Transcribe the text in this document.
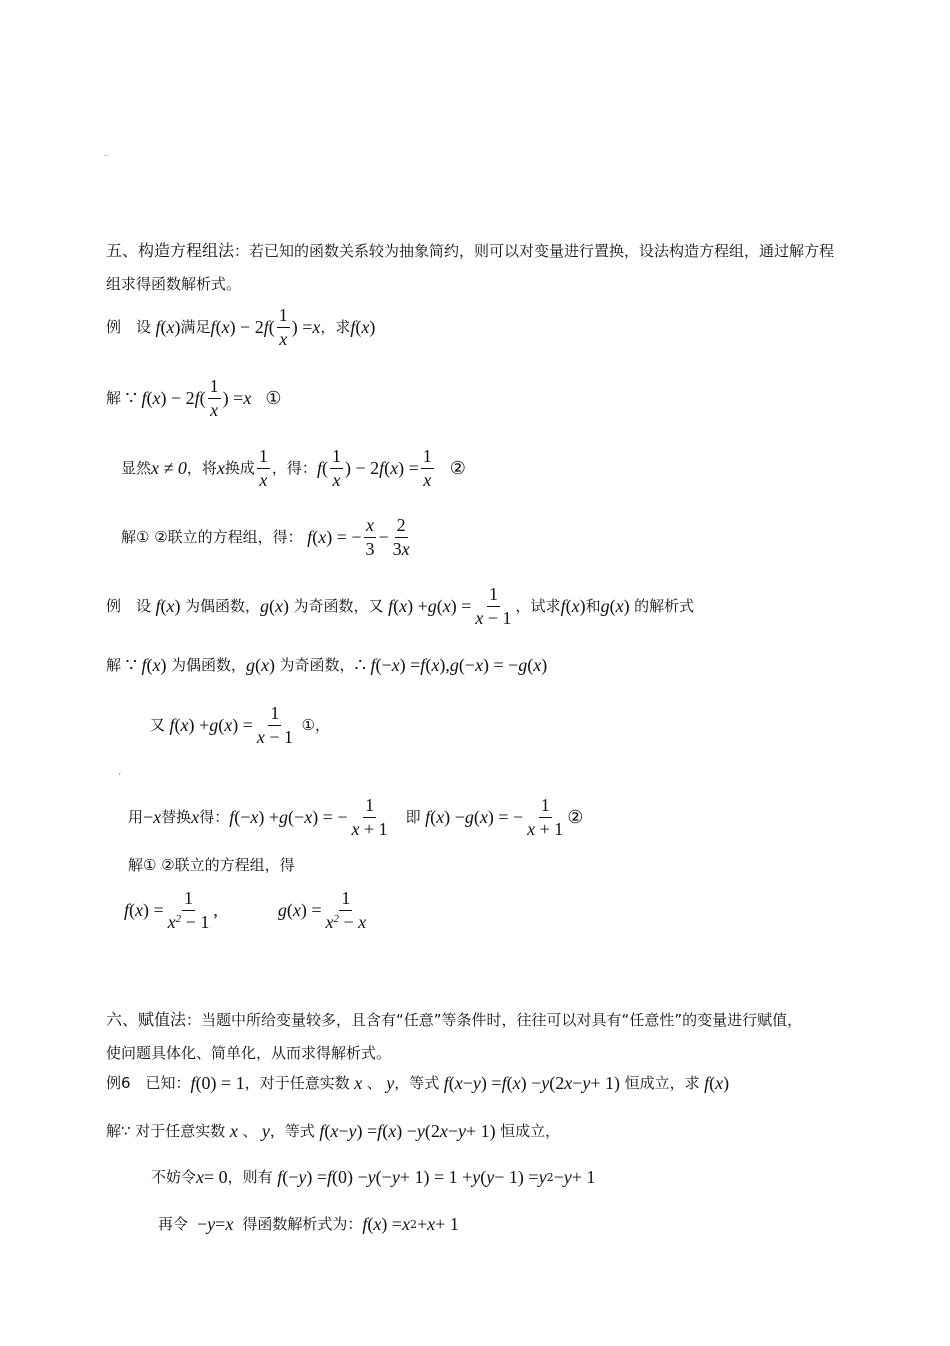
_
五、构造方程组法：若已知的函数关系较为抽象简约，则可以对变量进行置换，设法构造方程组，通过解方程
组求得函数解析式。
例　设 f ( x ) 满足 f ( x ) − 2 f ( $\frac{1}{x}$ ) = x ，求 f ( x )
解
∵ f ( x ) − 2 f ( $\frac{1}{x}$ ) = x ①
显然 x ≠ 0 ，将 x 换成 $\frac{1}{x}$ ，得： f ( $\frac{1}{x}$ ) − 2 f ( x ) = $\frac{1}{x}$ ②
解① ②联立的方程组，得： f ( x ) = − $\frac{x}{3} - \frac{2}{3x}$
例　设 f ( x ) 为偶函数， g ( x ) 为奇函数，又 f ( x ) + g ( x ) = $\frac{1}{x - 1}$ ，试求 f ( x ) 和 g ( x ) 的解析式
解
∵ f ( x ) 为偶函数， g ( x ) 为奇函数， ∴ f (− x ) = f ( x ), g (− x ) = − g ( x )
又 f ( x ) + g ( x ) = $\frac{1}{x - 1}$
①，
‘
用 − x 替换 x 得： f (− x ) + g (− x ) = − $\frac{1}{x + 1}$ 即 f ( x ) − g ( x ) = − $\frac{1}{x + 1}$ ②
解① ②联立的方程组，得
f ( x ) = $\frac{1}{x^2 - 1}$ ,	g ( x ) = $\frac{1}{x^2 - x}$
六、赋值法：当题中所给变量较多，且含有“任意”等条件时，往往可以对具有“任意性”的变量进行赋值，
使问题具体化、简单化，从而求得解析式。
例6　已知： f (0) = 1 ，对于任意实数 x 、 y ，等式 f ( x − y ) = f ( x ) − y (2 x − y + 1) 恒成立，求 f ( x )
解∵ 对于任意实数 x 、 y ，等式 f ( x − y ) = f ( x ) − y (2 x − y + 1) 恒成立，
不妨令 x = 0 ，则有 f (− y ) = f (0) − y (− y + 1) = 1 + y ( y − 1) = y 2 − y + 1
再令 − y = x
得函数解析式为： f ( x ) = x 2 + x + 1
